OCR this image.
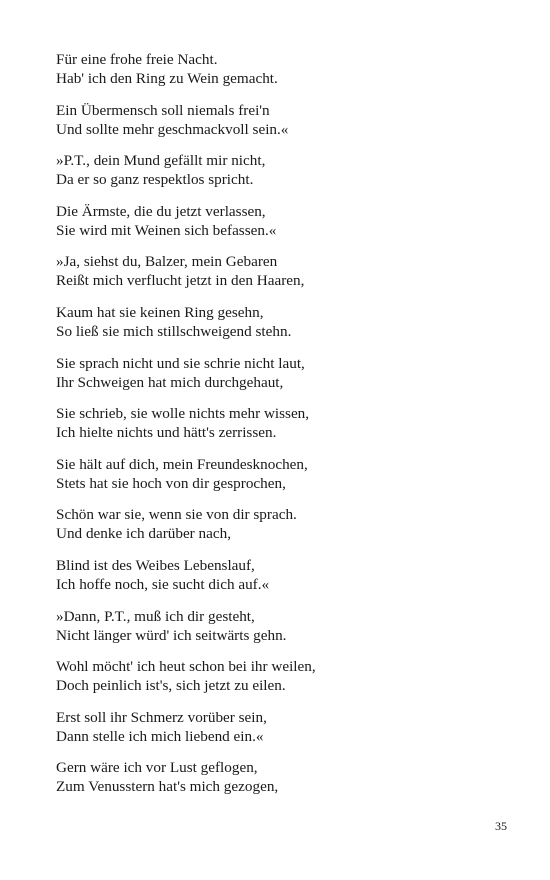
Für eine frohe freie Nacht.
Hab' ich den Ring zu Wein gemacht.
Ein Übermensch soll niemals frei'n
Und sollte mehr geschmackvoll sein.«
»P.T., dein Mund gefällt mir nicht,
Da er so ganz respektlos spricht.
Die Ärmste, die du jetzt verlassen,
Sie wird mit Weinen sich befassen.«
»Ja, siehst du, Balzer, mein Gebaren
Reißt mich verflucht jetzt in den Haaren,
Kaum hat sie keinen Ring gesehn,
So ließ sie mich stillschweigend stehn.
Sie sprach nicht und sie schrie nicht laut,
Ihr Schweigen hat mich durchgehaut,
Sie schrieb, sie wolle nichts mehr wissen,
Ich hielte nichts und hätt's zerrissen.
Sie hält auf dich, mein Freundesknochen,
Stets hat sie hoch von dir gesprochen,
Schön war sie, wenn sie von dir sprach.
Und denke ich darüber nach,
Blind ist des Weibes Lebenslauf,
Ich hoffe noch, sie sucht dich auf.«
»Dann, P.T., muß ich dir gesteht,
Nicht länger würd' ich seitwärts gehn.
Wohl möcht' ich heut schon bei ihr weilen,
Doch peinlich ist's, sich jetzt zu eilen.
Erst soll ihr Schmerz vorüber sein,
Dann stelle ich mich liebend ein.«
Gern wäre ich vor Lust geflogen,
Zum Venusstern hat's mich gezogen,
35
